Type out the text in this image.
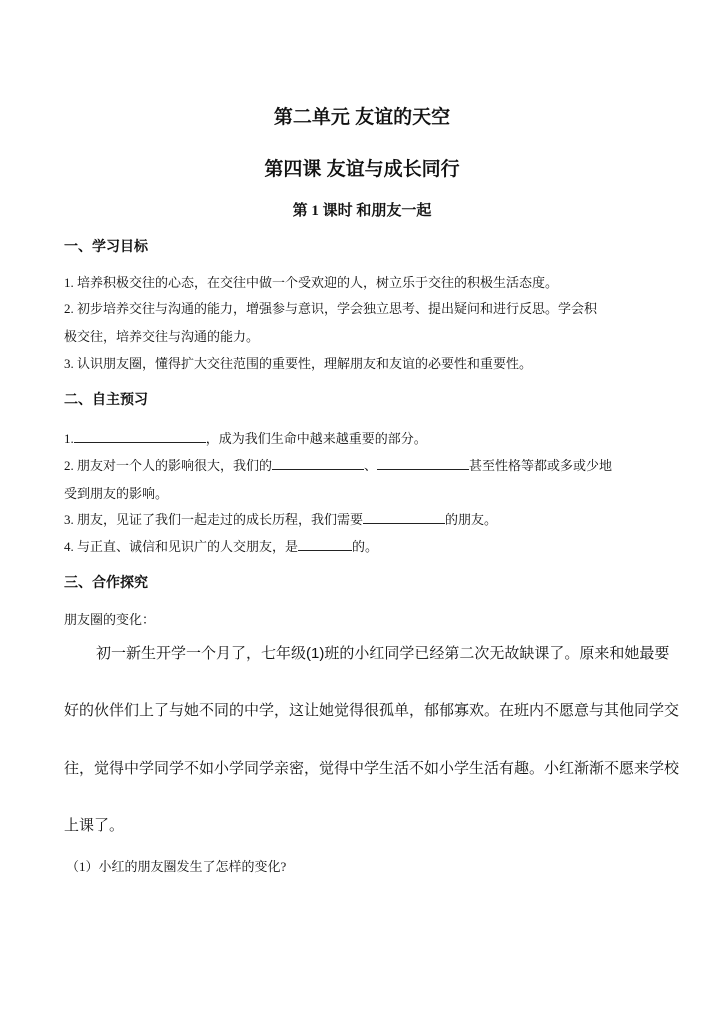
第二单元 友谊的天空
第四课 友谊与成长同行
第 1 课时 和朋友一起
一、学习目标
1. 培养积极交往的心态，在交往中做一个受欢迎的人，树立乐于交往的积极生活态度。
2. 初步培养交往与沟通的能力，增强参与意识，学会独立思考、提出疑问和进行反思。学会积
极交往，培养交往与沟通的能力。
3. 认识朋友圈，懂得扩大交往范围的重要性，理解朋友和友谊的必要性和重要性。
二、自主预习
1.	，成为我们生命中越来越重要的部分。
2. 朋友对一个人的影响很大，我们的	、	甚至性格等都或多或少地
受到朋友的影响。
3. 朋友，见证了我们一起走过的成长历程，我们需要	的朋友。
4. 与正直、诚信和见识广的人交朋友，是	的。
三、合作探究
朋友圈的变化：
初一新生开学一个月了，七年级(1)班的小红同学已经第二次无故缺课了。原来和她最要
好的伙伴们上了与她不同的中学，这让她觉得很孤单，郁郁寡欢。在班内不愿意与其他同学交
往，觉得中学同学不如小学同学亲密，觉得中学生活不如小学生活有趣。小红渐渐不愿来学校
上课了。
（1）小红的朋友圈发生了怎样的变化?
